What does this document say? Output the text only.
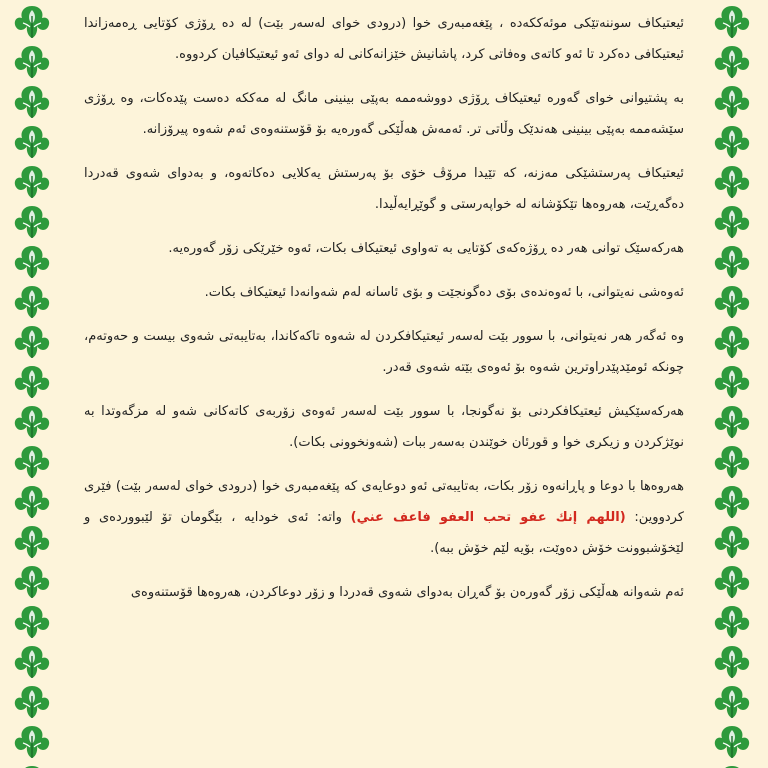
ئیعتیکاف سوننەتێکی موئەککەدە ، پێغەمبەری خوا (درودی خوای لەسەر بێت) لە دە ڕۆژی کۆتایی ڕەمەزاندا ئیعتیکافی دەکرد تا ئەو کاتەی وەفاتی کرد، پاشانیش خێزانەکانی لە دوای ئەو ئیعتیکافیان کردووە.

بە پشتیوانی خوای گەورە ئیعتیکاف ڕۆژی دووشەممە بەپێی بینینی مانگ لە مەککە دەست پێدەکات، وە ڕۆژی سێشەممە بەپێی بینینی هەندێک وڵاتی تر. ئەمەش هەڵێکی گەورەیە بۆ قۆستنەوەی ئەم شەوە پیرۆزانە.

ئیعتیکاف پەرستشێکی مەزنە، کە تێیدا مرۆڤ خۆی بۆ پەرستش یەکلایی دەکاتەوە، و بەدوای شەوی قەدردا دەگەڕێت، هەروەها تێکۆشانە لە خواپەرستی و گوێڕایەڵیدا.

هەرکەسێک توانی هەر دە ڕۆژەکەی کۆتایی بە تەواوی ئیعتیکاف بکات، ئەوە خێرێکی زۆر گەورەیە.

ئەوەشی نەیتوانی، با ئەوەندەی بۆی دەگونجێت و بۆی ئاسانە لەم شەوانەدا ئیعتیکاف بکات.

وە ئەگەر هەر نەیتوانی، با سوور بێت لەسەر ئیعتیکافکردن لە شەوە تاکەکاندا، بەتایبەتی شەوی بیست و حەوتەم، چونکە ئومێدپێدراوترین شەوە بۆ ئەوەی بێتە شەوی قەدر.

هەرکەسێکیش ئیعتیکافکردنی بۆ نەگونجا، با سوور بێت لەسەر ئەوەی زۆربەی کاتەکانی شەو لە مزگەوتدا بە نوێژکردن و زیکری خوا و قورئان خوێندن بەسەر ببات (شەونخوونی بکات).

هەروەها با دوعا و پاڕانەوە زۆر بکات، بەتایبەتی ئەو دوعایەی کە پێغەمبەری خوا (درودی خوای لەسەر بێت) فێری کردووین: (اللهم إنك عفو تحب العفو فاعف عني) واتە: ئەی خودایە ، بێگومان تۆ لێبووردەی و لێخۆشبوونت خۆش دەوێت، بۆیە لێم خۆش ببە).

ئەم شەوانە هەڵێکی زۆر گەورەن بۆ گەڕان بەدوای شەوی قەدردا و زۆر دوعاکردن، هەروەها قۆستنەوەی
